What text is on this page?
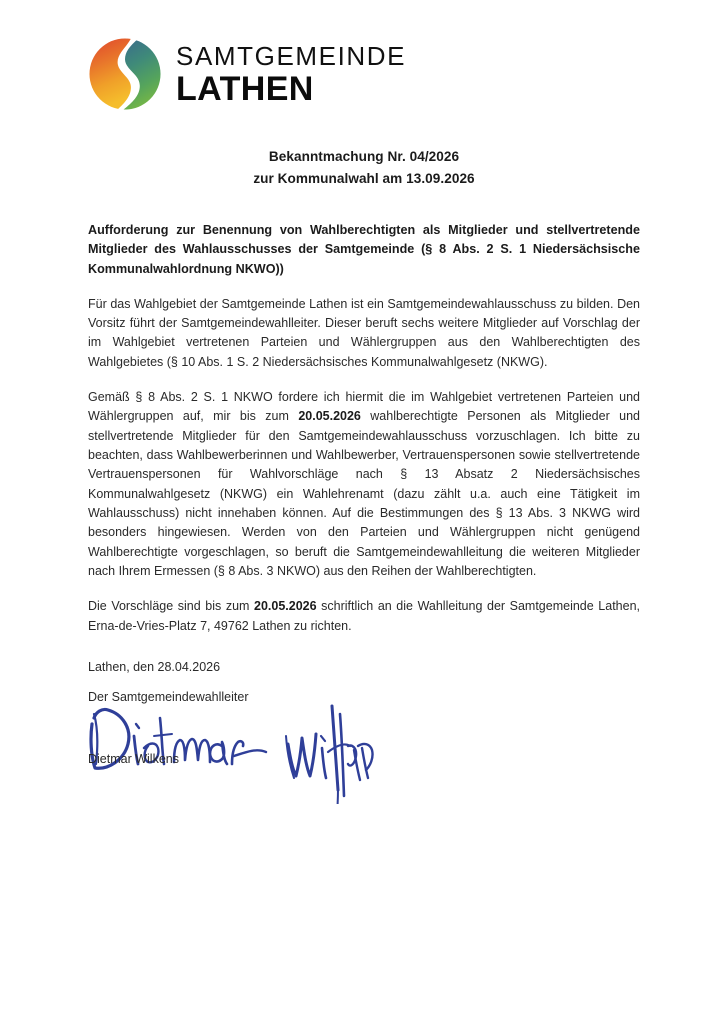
SAMTGEMEINDE
LATHEN
Bekanntmachung Nr. 04/2026
zur Kommunalwahl am 13.09.2026
Aufforderung zur Benennung von Wahlberechtigten als Mitglieder und stellvertretende Mitglieder des Wahlausschusses der Samtgemeinde (§ 8 Abs. 2 S. 1 Niedersächsische Kommunalwahlordnung NKWO))

Für das Wahlgebiet der Samtgemeinde Lathen ist ein Samtgemeindewahlausschuss zu bilden. Den Vorsitz führt der Samtgemeindewahlleiter. Dieser beruft sechs weitere Mitglieder auf Vorschlag der im Wahlgebiet vertretenen Parteien und Wählergruppen aus den Wahlberechtigten des Wahlgebietes (§ 10 Abs. 1 S. 2 Niedersächsisches Kommunalwahlgesetz (NKWG).

Gemäß § 8 Abs. 2 S. 1 NKWO fordere ich hiermit die im Wahlgebiet vertretenen Parteien und Wählergruppen auf, mir bis zum 20.05.2026 wahlberechtigte Personen als Mitglieder und stellvertretende Mitglieder für den Samtgemeindewahlausschuss vorzuschlagen. Ich bitte zu beachten, dass Wahlbewerberinnen und Wahlbewerber, Vertrauenspersonen sowie stellvertretende Vertrauenspersonen für Wahlvorschläge nach § 13 Absatz 2 Niedersächsisches Kommunalwahlgesetz (NKWG) ein Wahlehrenamt (dazu zählt u.a. auch eine Tätigkeit im Wahlausschuss) nicht innehaben können. Auf die Bestimmungen des § 13 Abs. 3 NKWG wird besonders hingewiesen. Werden von den Parteien und Wählergruppen nicht genügend Wahlberechtigte vorgeschlagen, so beruft die Samtgemeindewahlleitung die weiteren Mitglieder nach Ihrem Ermessen (§ 8 Abs. 3 NKWO) aus den Reihen der Wahlberechtigten.

Die Vorschläge sind bis zum 20.05.2026 schriftlich an die Wahlleitung der Samtgemeinde Lathen, Erna-de-Vries-Platz 7, 49762 Lathen zu richten.

Lathen, den 28.04.2026

Der Samtgemeindewahlleiter
Dietmar Wilkens
